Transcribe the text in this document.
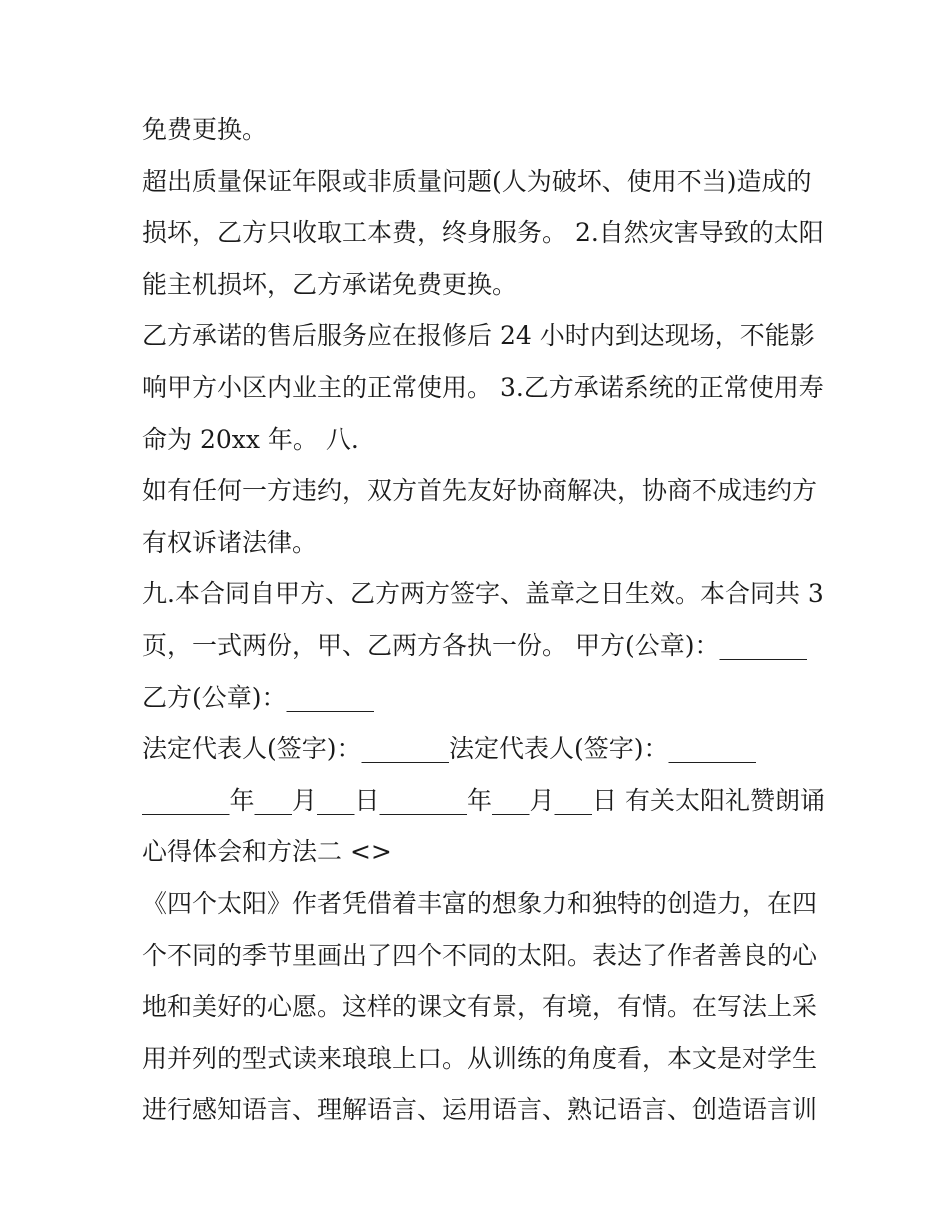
免费更换。
超出质量保证年限或非质量问题(人为破坏、使用不当)造成的
损坏，乙方只收取工本费，终身服务。 2.自然灾害导致的太阳
能主机损坏，乙方承诺免费更换。
乙方承诺的售后服务应在报修后 24 小时内到达现场，不能影
响甲方小区内业主的正常使用。 3.乙方承诺系统的正常使用寿
命为 20xx 年。 八.
如有任何一方违约，双方首先友好协商解决，协商不成违约方
有权诉诸法律。
九.本合同自甲方、乙方两方签字、盖章之日生效。本合同共 3
页，一式两份，甲、乙两方各执一份。 甲方(公章)：_______
乙方(公章)：_______
法定代表人(签字)：_______法定代表人(签字)：_______
_______年___月___日_______年___月___日 有关太阳礼赞朗诵
心得体会和方法二 <>
《四个太阳》作者凭借着丰富的想象力和独特的创造力，在四
个不同的季节里画出了四个不同的太阳。表达了作者善良的心
地和美好的心愿。这样的课文有景，有境，有情。在写法上采
用并列的型式读来琅琅上口。从训练的角度看，本文是对学生
进行感知语言、理解语言、运用语言、熟记语言、创造语言训
